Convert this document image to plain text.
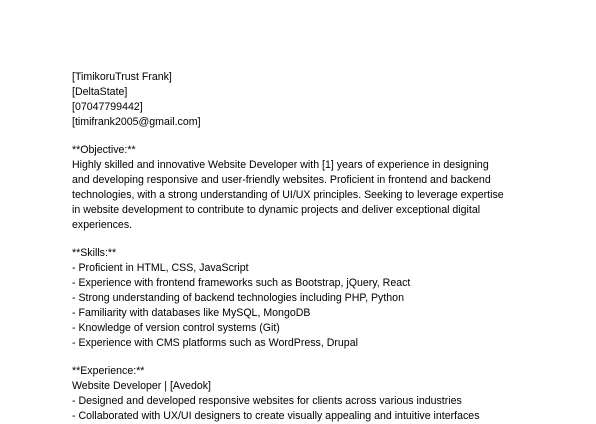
[TimikoruTrust Frank]
[DeltaState]
[07047799442]
[timifrank2005@gmail.com]
**Objective:**
Highly skilled and innovative Website Developer with [1] years of experience in designing
and developing responsive and user-friendly websites. Proficient in frontend and backend
technologies, with a strong understanding of UI/UX principles. Seeking to leverage expertise
in website development to contribute to dynamic projects and deliver exceptional digital
experiences.
**Skills:**
- Proficient in HTML, CSS, JavaScript
- Experience with frontend frameworks such as Bootstrap, jQuery, React
- Strong understanding of backend technologies including PHP, Python
- Familiarity with databases like MySQL, MongoDB
- Knowledge of version control systems (Git)
- Experience with CMS platforms such as WordPress, Drupal
**Experience:**
Website Developer | [Avedok]
- Designed and developed responsive websites for clients across various industries
- Collaborated with UX/UI designers to create visually appealing and intuitive interfaces
